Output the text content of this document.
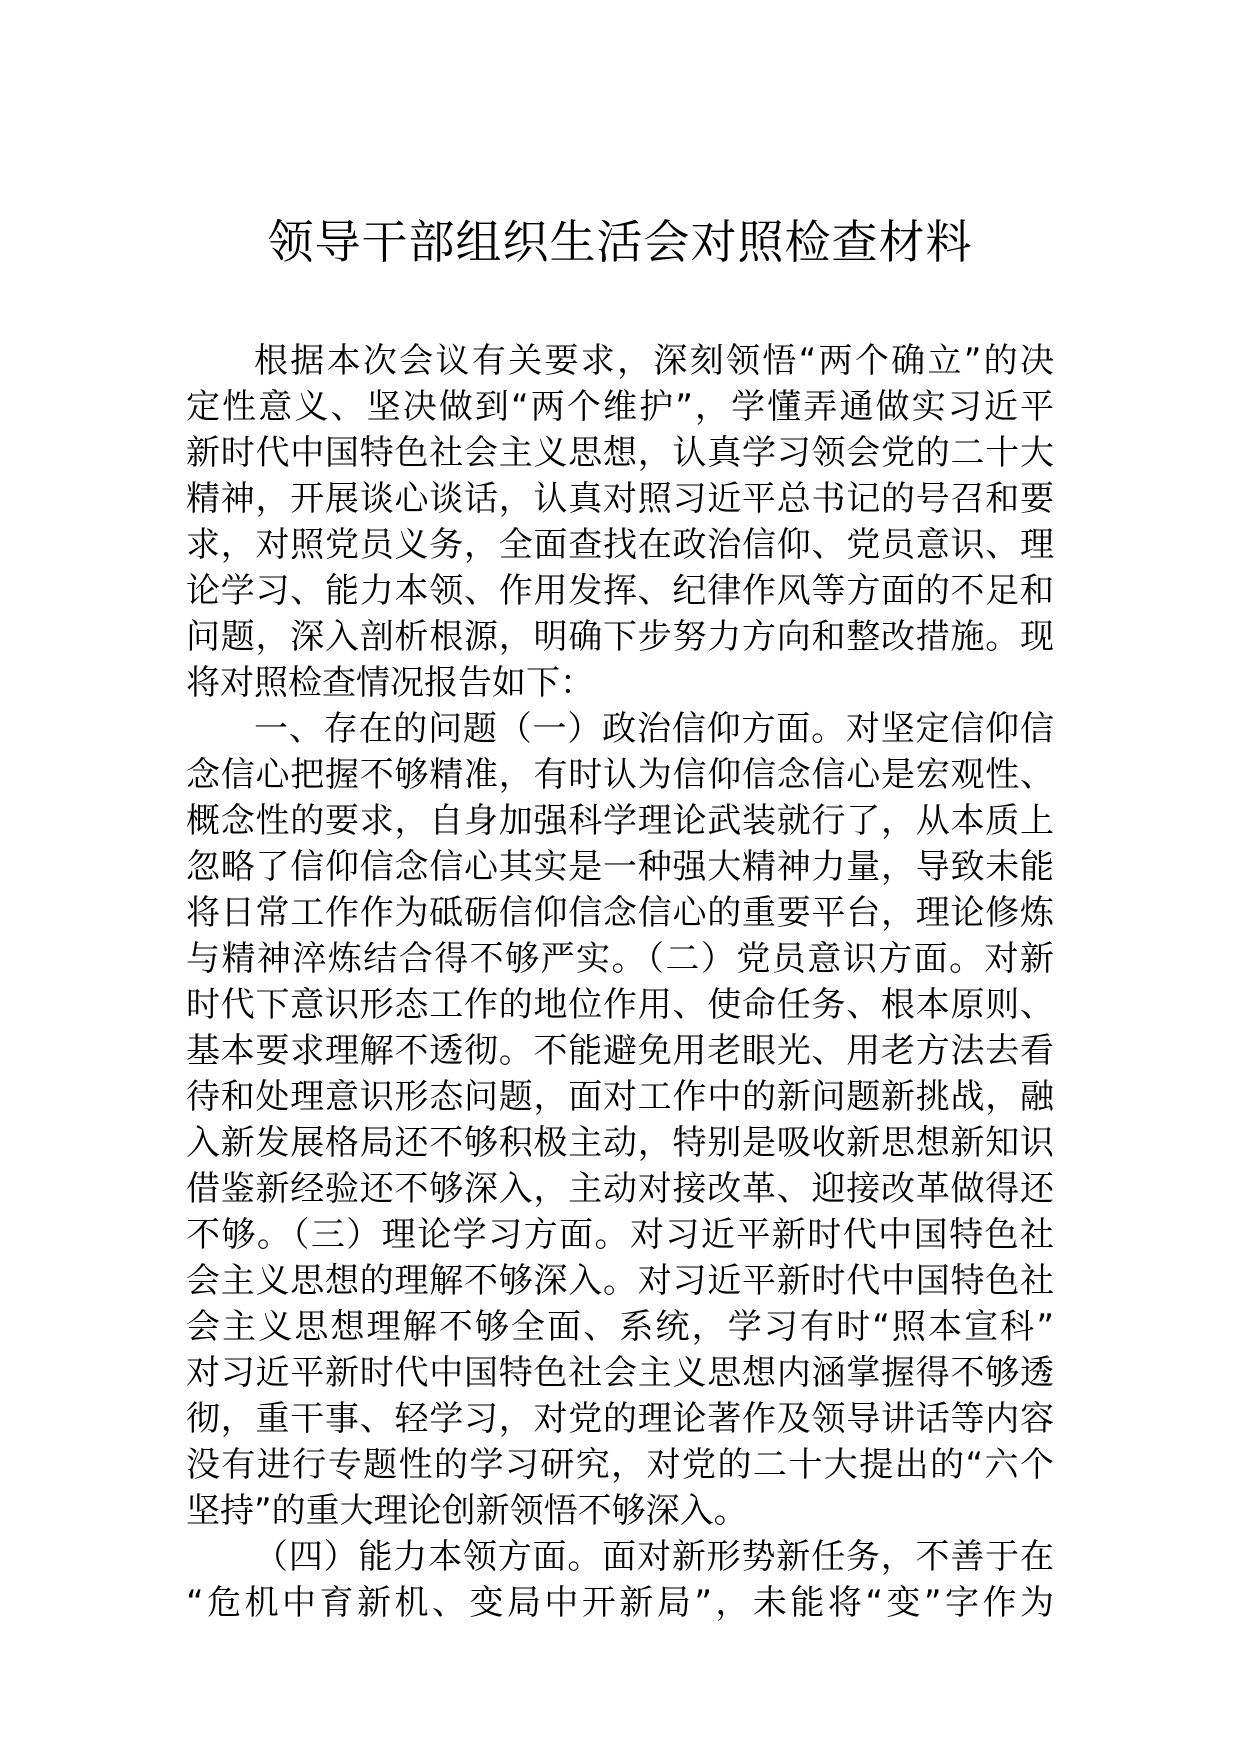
领导干部组织生活会对照检查材料
根据本次会议有关要求，深刻领悟“两个确立”的决
定性意义、坚决做到“两个维护”，学懂弄通做实习近平
新时代中国特色社会主义思想，认真学习领会党的二十大
精神，开展谈心谈话，认真对照习近平总书记的号召和要
求，对照党员义务，全面查找在政治信仰、党员意识、理
论学习、能力本领、作用发挥、纪律作风等方面的不足和
问题，深入剖析根源，明确下步努力方向和整改措施。现
将对照检查情况报告如下：
一、存在的问题（一）政治信仰方面。对坚定信仰信
念信心把握不够精准，有时认为信仰信念信心是宏观性、
概念性的要求，自身加强科学理论武装就行了，从本质上
忽略了信仰信念信心其实是一种强大精神力量，导致未能
将日常工作作为砥砺信仰信念信心的重要平台，理论修炼
与精神淬炼结合得不够严实。（二）党员意识方面。对新
时代下意识形态工作的地位作用、使命任务、根本原则、
基本要求理解不透彻。不能避免用老眼光、用老方法去看
待和处理意识形态问题，面对工作中的新问题新挑战，融
入新发展格局还不够积极主动，特别是吸收新思想新知识
借鉴新经验还不够深入，主动对接改革、迎接改革做得还
不够。（三）理论学习方面。对习近平新时代中国特色社
会主义思想的理解不够深入。对习近平新时代中国特色社
会主义思想理解不够全面、系统，学习有时“照本宣科”
对习近平新时代中国特色社会主义思想内涵掌握得不够透
彻，重干事、轻学习，对党的理论著作及领导讲话等内容
没有进行专题性的学习研究，对党的二十大提出的“六个
坚持”的重大理论创新领悟不够深入。
（四）能力本领方面。面对新形势新任务，不善于在
“危机中育新机、变局中开新局”，未能将“变”字作为
